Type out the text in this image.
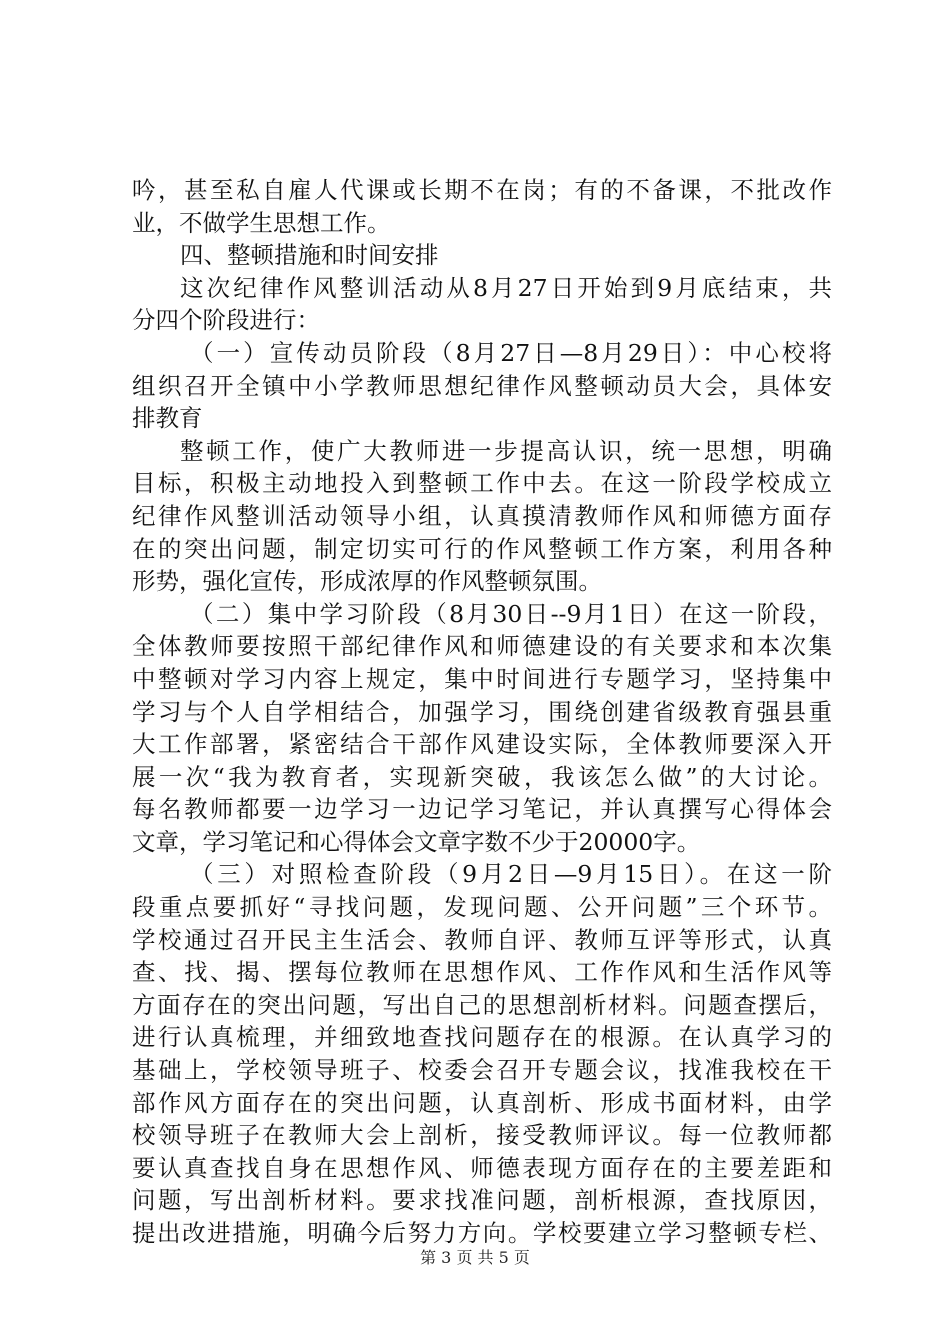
吟，甚至私自雇人代课或长期不在岗；有的不备课，不批改作
业，不做学生思想工作。
四、整顿措施和时间安排
这次纪律作风整训活动从8月27日开始到9月底结束，共
分四个阶段进行：
（一）宣传动员阶段（8月27日—8月29日）：中心校将
组织召开全镇中小学教师思想纪律作风整顿动员大会，具体安
排教育
整顿工作，使广大教师进一步提高认识，统一思想，明确
目标，积极主动地投入到整顿工作中去。在这一阶段学校成立
纪律作风整训活动领导小组，认真摸清教师作风和师德方面存
在的突出问题，制定切实可行的作风整顿工作方案，利用各种
形势，强化宣传，形成浓厚的作风整顿氛围。
（二）集中学习阶段（8月30日--9月1日）在这一阶段，
全体教师要按照干部纪律作风和师德建设的有关要求和本次集
中整顿对学习内容上规定，集中时间进行专题学习，坚持集中
学习与个人自学相结合，加强学习，围绕创建省级教育强县重
大工作部署，紧密结合干部作风建设实际，全体教师要深入开
展一次“我为教育者，实现新突破，我该怎么做”的大讨论。
每名教师都要一边学习一边记学习笔记，并认真撰写心得体会
文章，学习笔记和心得体会文章字数不少于20000字。
（三）对照检查阶段（9月2日—9月15日）。在这一阶
段重点要抓好“寻找问题，发现问题、公开问题”三个环节。
学校通过召开民主生活会、教师自评、教师互评等形式，认真
查、找、揭、摆每位教师在思想作风、工作作风和生活作风等
方面存在的突出问题，写出自己的思想剖析材料。问题查摆后，
进行认真梳理，并细致地查找问题存在的根源。在认真学习的
基础上，学校领导班子、校委会召开专题会议，找准我校在干
部作风方面存在的突出问题，认真剖析、形成书面材料，由学
校领导班子在教师大会上剖析，接受教师评议。每一位教师都
要认真查找自身在思想作风、师德表现方面存在的主要差距和
问题，写出剖析材料。要求找准问题，剖析根源，查找原因，
提出改进措施，明确今后努力方向。学校要建立学习整顿专栏、
第 3 页 共 5 页
